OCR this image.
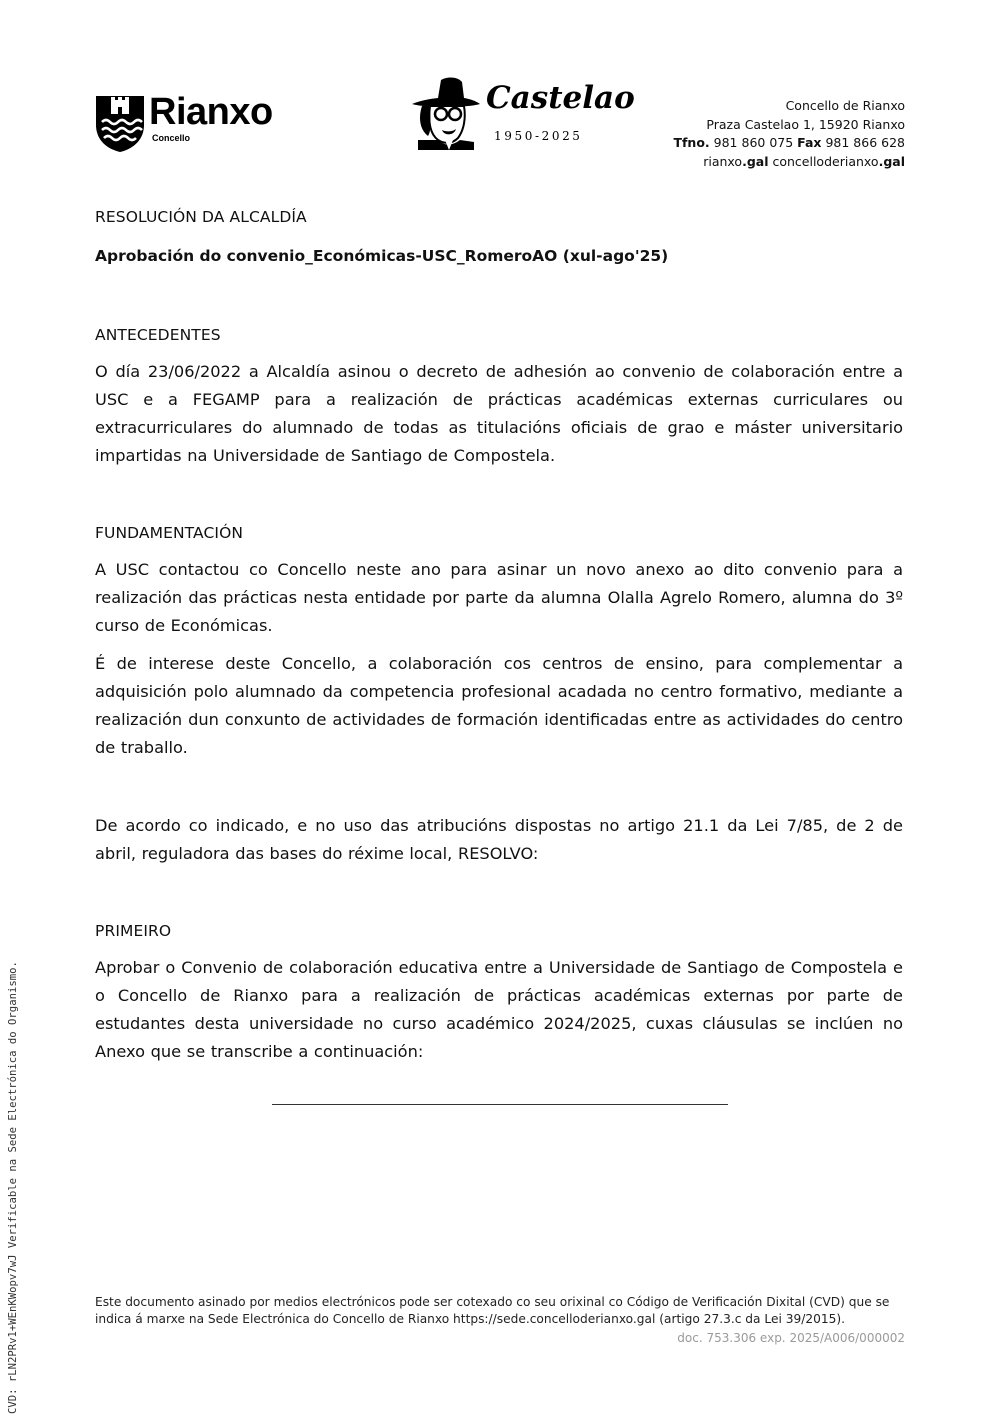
Rianxo
Concello
Castelao
1950-2025
Concello de Rianxo
Praza Castelao 1, 15920 Rianxo
Tfno. 981 860 075 Fax 981 866 628
rianxo.gal concelloderianxo.gal

RESOLUCIÓN DA ALCALDÍA

Aprobación do convenio_Económicas-USC_RomeroAO (xul-ago'25)

ANTECEDENTES

O día 23/06/2022 a Alcaldía asinou o decreto de adhesión ao convenio de colaboración entre a USC e a FEGAMP para a realización de prácticas académicas externas curriculares ou extracurriculares do alumnado de todas as titulacións oficiais de grao e máster universitario impartidas na Universidade de Santiago de Compostela.

FUNDAMENTACIÓN

A USC contactou co Concello neste ano para asinar un novo anexo ao dito convenio para a realización das prácticas nesta entidade por parte da alumna Olalla Agrelo Romero, alumna do 3º curso de Económicas.

É de interese deste Concello, a colaboración cos centros de ensino, para complementar a adquisición polo alumnado da competencia profesional acadada no centro formativo, mediante a realización dun conxunto de actividades de formación identificadas entre as actividades do centro de traballo.

De acordo co indicado, e no uso das atribucións dispostas no artigo 21.1 da Lei 7/85, de 2 de abril, reguladora das bases do réxime local, RESOLVO:

PRIMEIRO

Aprobar o Convenio de colaboración educativa entre a Universidade de Santiago de Compostela e o Concello de Rianxo para a realización de prácticas académicas externas por parte de estudantes desta universidade no curso académico 2024/2025, cuxas cláusulas se inclúen no Anexo que se transcribe a continuación:

Este documento asinado por medios electrónicos pode ser cotexado co seu orixinal co Código de Verificación Dixital (CVD) que se indica á marxe na Sede Electrónica do Concello de Rianxo https://sede.concelloderianxo.gal (artigo 27.3.c da Lei 39/2015).
doc. 753.306 exp. 2025/A006/000002
CVD: rLN2PRv1+WEnKWopv7wJ Verificable na Sede Electrónica do Organismo.
